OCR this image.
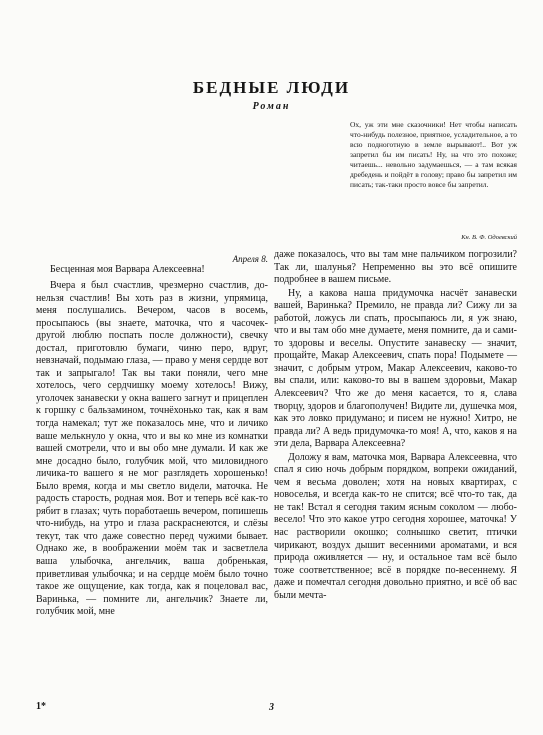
БЕДНЫЕ ЛЮДИ
Роман

Ох, уж эти мне сказочники! Нет чтобы написать что-нибудь полезное, приятное, усладительное, а то всю подноготную в земле вырывают!.. Вот уж запретил бы им писать! Ну, на что это похоже; читаешь... невольно задумаешься, — а там всякая дребедень и пойдёт в голову; право бы запретил им писать; так-таки просто вовсе бы запретил.

Кн. В. Ф. Одоевский
Апреля 8.

Бесценная моя Варвара Алексеевна!

Вчера я был счастлив, чрезмерно счастлив, до-нельзя счастлив! Вы хоть раз в жизни, упрямица, меня послушались. Вечером, часов в восемь, просыпаюсь (вы знаете, маточка, что я часочек-другой люблю поспать после должности), свечку достал, приготовлю бумаги, чиню перо, вдруг, невзначай, подымаю глаза, — право у меня сердце вот так и запрыгало! Так вы таки поняли, чего мне хотелось, чего сердчишку моему хотелось! Вижу, уголочек занавески у окна вашего загнут и прицеплен к горшку с бальзамином, точнёхонько так, как я вам тогда намекал; тут же показалось мне, что и личико ваше мелькнуло у окна, что и вы ко мне из комнатки вашей смотрели, что и вы обо мне думали. И как же мне досадно было, голубчик мой, что миловидного личика-то вашего я не мог разглядеть хорошенько! Было время, когда и мы светло видели, маточка. Не радость старость, родная моя. Вот и теперь всё как-то рябит в глазах; чуть поработаешь вечером, попишешь что-нибудь, на утро и глаза раскраснеются, и слёзы текут, так что даже совестно перед чужими бывает. Однако же, в воображении моём так и засветлела ваша улыбочка, ангельчик, ваша добренькая, приветливая улыбочка; и на сердце моём было точно такое же ощущение, как тогда, как я поцеловал вас, Варинька, — помните ли, ангельчик? Знаете ли, голубчик мой, мне

даже показалось, что вы там мне пальчиком погрозили? Так ли, шалунья? Непременно вы это всё опишите подробнее в вашем письме.

Ну, а какова наша придумочка насчёт занавески вашей, Варинька? Премило, не правда ли? Сижу ли за работой, ложусь ли спать, просыпаюсь ли, я уж знаю, что и вы там обо мне думаете, меня помните, да и сами-то здоровы и веселы. Опустите занавеску — значит, прощайте, Макар Алексеевич, спать пора! Подымете — значит, с добрым утром, Макар Алексеевич, каково-то вы спали, или: каково-то вы в вашем здоровьи, Макар Алексеевич? Что же до меня касается, то я, слава творцу, здоров и благополучен! Видите ли, душечка моя, как это ловко придумано; и писем не нужно! Хитро, не правда ли? А ведь придумочка-то моя! А, что, каков я на эти дела, Варвара Алексеевна?

Доложу я вам, маточка моя, Варвара Алексеевна, что спал я сию ночь добрым порядком, вопреки ожиданий, чем я весьма доволен; хотя на новых квартирах, с новоселья, и всегда как-то не спится; всё что-то так, да не так! Встал я сегодня таким ясным соколом — любо-весело! Что это какое утро сегодня хорошее, маточка! У нас растворили окошко; солнышко светит, птички чирикают, воздух дышит весенними ароматами, и вся природа оживляется — ну, и остальное там всё было тоже соответственное; всё в порядке по-весеннему. Я даже и помечтал сегодня довольно приятно, и всё об вас были мечта-

1*	3
